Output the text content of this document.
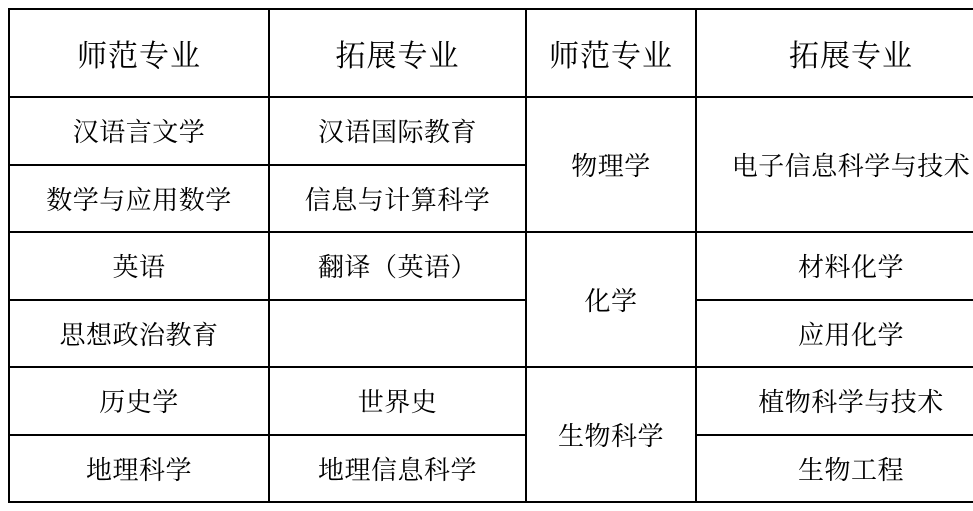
师范专业	拓展专业	师范专业	拓展专业
汉语言文学	汉语国际教育	物理学	电子信息科学与技术
数学与应用数学	信息与计算科学		
英语	翻译（英语）	化学	材料化学
思想政治教育			应用化学
历史学	世界史	生物科学	植物科学与技术
地理科学	地理信息科学		生物工程
